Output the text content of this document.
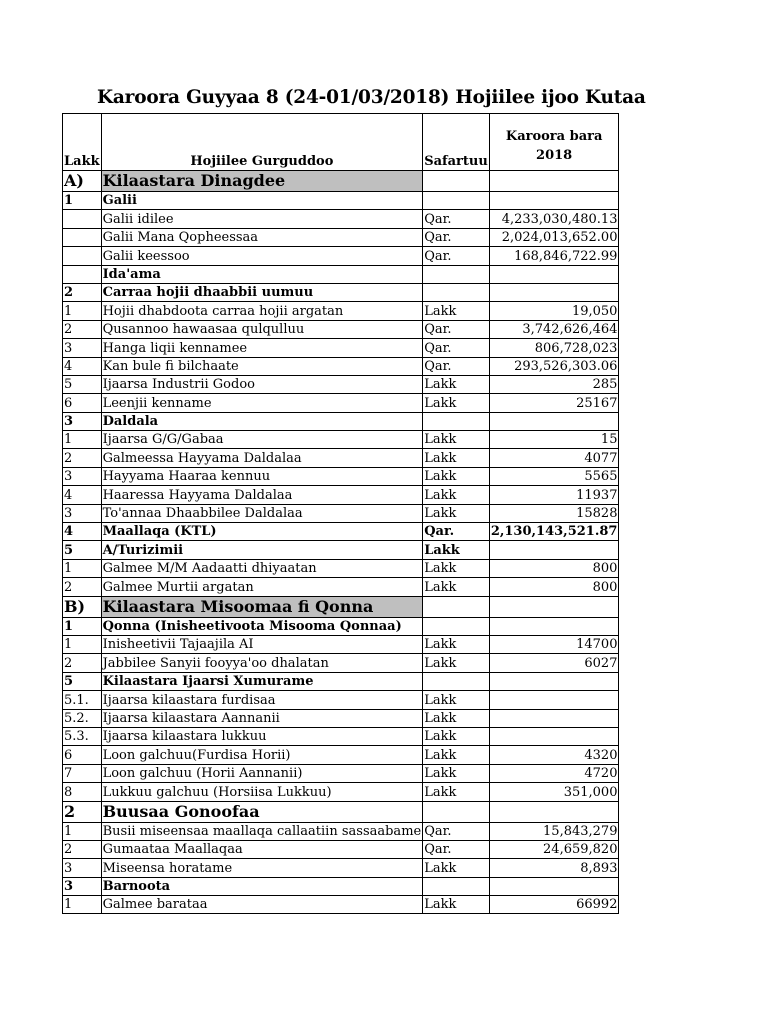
Karoora Guyyaa 8 (24-01/03/2018) Hojiilee ijoo Kutaa
Lakk	Hojiilee Gurguddoo	Safartuu	Karoora bara 2018
A)	Kilaastara Dinagdee		
1	Galii		
	Galii idilee	Qar.	4,233,030,480.13
	Galii Mana Qopheessaa	Qar.	2,024,013,652.00
	Galii keessoo	Qar.	168,846,722.99
	Ida'ama		
2	Carraa hojii dhaabbii uumuu		
1	Hojii dhabdoota carraa hojii argatan	Lakk	19,050
2	Qusannoo hawaasaa qulqulluu	Qar.	3,742,626,464
3	Hanga liqii kennamee	Qar.	806,728,023
4	Kan bule fi bilchaate	Qar.	293,526,303.06
5	Ijaarsa Industrii Godoo	Lakk	285
6	Leenjii kenname	Lakk	25167
3	Daldala		
1	Ijaarsa G/G/Gabaa	Lakk	15
2	Galmeessa Hayyama Daldalaa	Lakk	4077
3	Hayyama Haaraa kennuu	Lakk	5565
4	Haaressa Hayyama Daldalaa	Lakk	11937
3	To'annaa Dhaabbilee Daldalaa	Lakk	15828
4	Maallaqa (KTL)	Qar.	2,130,143,521.87
5	A/Turizimii	Lakk	
1	Galmee M/M Aadaatti dhiyaatan	Lakk	800
2	Galmee Murtii argatan	Lakk	800
B)	Kilaastara Misoomaa fi Qonna		
1	Qonna (Inisheetivoota Misooma Qonnaa)		
1	Inisheetivii Tajaajila AI	Lakk	14700
2	Jabbilee Sanyii fooyya'oo dhalatan	Lakk	6027
5	Kilaastara Ijaarsi Xumurame		
5.1.	Ijaarsa kilaastara furdisaa	Lakk	
5.2.	Ijaarsa kilaastara Aannanii	Lakk	
5.3.	Ijaarsa kilaastara lukkuu	Lakk	
6	Loon galchuu(Furdisa Horii)	Lakk	4320
7	Loon galchuu (Horii Aannanii)	Lakk	4720
8	Lukkuu galchuu (Horsiisa Lukkuu)	Lakk	351,000
2	Buusaa Gonoofaa		
1	Busii miseensaa maallaqa callaatiin sassaabame	Qar.	15,843,279
2	Gumaataa Maallaqaa	Qar.	24,659,820
3	Miseensa horatame	Lakk	8,893
3	Barnoota		
1	Galmee barataa	Lakk	66992
